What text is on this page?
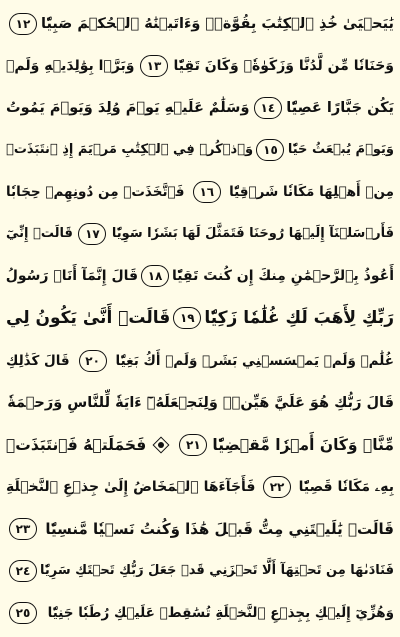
يَٰيَحۡيَىٰ خُذِ ٱلۡكِتَٰبَ بِقُوَّةٖۖ وَءَاتَيۡنَٰهُ ٱلۡحُكۡمَ صَبِيّٗا
١٢
وَحَنَانٗا مِّن لَّدُنَّا وَزَكَوٰةٗۖ وَكَانَ تَقِيّٗا
١٣
وَبَرَّۢا بِوَٰلِدَيۡهِ وَلَمۡ
يَكُن جَبَّارًا عَصِيّٗا
١٤
وَسَلَٰمٌ عَلَيۡهِ يَوۡمَ وُلِدَ وَيَوۡمَ يَمُوتُ
وَيَوۡمَ يُبۡعَثُ حَيّٗا
١٥
وَٱذۡكُرۡ فِي ٱلۡكِتَٰبِ مَرۡيَمَ إِذِ ٱنتَبَذَتۡ
مِنۡ أَهۡلِهَا مَكَانٗا شَرۡقِيّٗا
١٦
فَٱتَّخَذَتۡ مِن دُونِهِمۡ حِجَابٗا
فَأَرۡسَلۡنَآ إِلَيۡهَا رُوحَنَا فَتَمَثَّلَ لَهَا بَشَرٗا سَوِيّٗا
١٧
قَالَتۡ إِنِّيٓ
أَعُوذُ بِٱلرَّحۡمَٰنِ مِنكَ إِن كُنتَ تَقِيّٗا
١٨
قَالَ إِنَّمَآ أَنَا۠ رَسُولُ
رَبِّكِ لِأَهَبَ لَكِ غُلَٰمٗا زَكِيّٗا
١٩
قَالَتۡ أَنَّىٰ يَكُونُ لِي
غُلَٰمٞ وَلَمۡ يَمۡسَسۡنِي بَشَرٞ وَلَمۡ أَكُ بَغِيّٗا
٢٠
قَالَ كَذَٰلِكِ
قَالَ رَبُّكِ هُوَ عَلَيَّ هَيِّنٞۖ وَلِنَجۡعَلَهُۥٓ ءَايَةٗ لِّلنَّاسِ وَرَحۡمَةٗ
مِّنَّاۚ وَكَانَ أَمۡرٗا مَّقۡضِيّٗا
٢١
فَحَمَلَتۡهُ فَٱنتَبَذَتۡ
بِهِۦ مَكَانٗا قَصِيّٗا
٢٢
فَأَجَآءَهَا ٱلۡمَخَاضُ إِلَىٰ جِذۡعِ ٱلنَّخۡلَةِ
قَالَتۡ يَٰلَيۡتَنِي مِتُّ قَبۡلَ هَٰذَا وَكُنتُ نَسۡيٗا مَّنسِيّٗا
٢٣
فَنَادَىٰهَا مِن تَحۡتِهَآ أَلَّا تَحۡزَنِي قَدۡ جَعَلَ رَبُّكِ تَحۡتَكِ سَرِيّٗا
٢٤
وَهُزِّيٓ إِلَيۡكِ بِجِذۡعِ ٱلنَّخۡلَةِ تُسَٰقِطۡ عَلَيۡكِ رُطَبٗا جَنِيّٗا
٢٥
